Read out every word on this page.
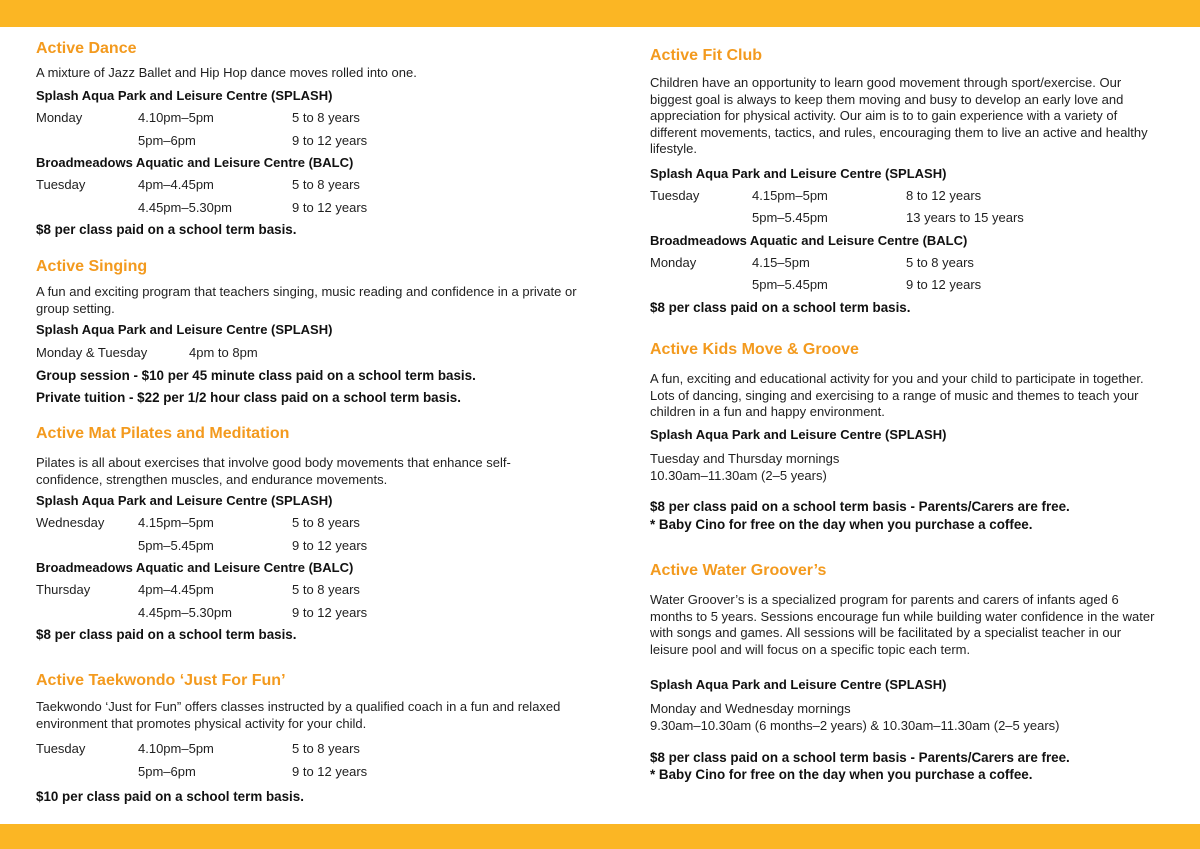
Active Dance
A mixture of Jazz Ballet and Hip Hop dance moves rolled into one.
Splash Aqua Park and Leisure Centre (SPLASH)
Monday	4.10pm–5pm	5 to 8 years
5pm–6pm	9 to 12 years
Broadmeadows Aquatic and Leisure Centre (BALC)
Tuesday	4pm–4.45pm	5 to 8 years
4.45pm–5.30pm	9 to 12 years
$8 per class paid on a school term basis.
Active Singing
A fun and exciting program that teachers singing, music reading and confidence in a private or group setting.
Splash Aqua Park and Leisure Centre (SPLASH)
Monday & Tuesday	4pm to 8pm
Group session - $10 per 45 minute class paid on a school term basis.
Private tuition - $22 per 1/2 hour class paid on a school term basis.
Active Mat Pilates and Meditation
Pilates is all about exercises that involve good body movements that enhance self-confidence, strengthen muscles, and endurance movements.
Splash Aqua Park and Leisure Centre (SPLASH)
Wednesday	4.15pm–5pm	5 to 8 years
5pm–5.45pm	9 to 12 years
Broadmeadows Aquatic and Leisure Centre (BALC)
Thursday	4pm–4.45pm	5 to 8 years
4.45pm–5.30pm	9 to 12 years
$8 per class paid on a school term basis.
Active Taekwondo ‘Just For Fun’
Taekwondo ‘Just for Fun” offers classes instructed by a qualified coach in a fun and relaxed environment that promotes physical activity for your child.
Tuesday	4.10pm–5pm	5 to 8 years
5pm–6pm	9 to 12 years
$10 per class paid on a school term basis.
Active Fit Club
Children have an opportunity to learn good movement through sport/exercise. Our biggest goal is always to keep them moving and busy to develop an early love and appreciation for physical activity. Our aim is to to gain experience with a variety of different movements, tactics, and rules, encouraging them to live an active and healthy lifestyle.
Splash Aqua Park and Leisure Centre (SPLASH)
Tuesday	4.15pm–5pm	8 to 12 years
5pm–5.45pm	13 years to 15 years
Broadmeadows Aquatic and Leisure Centre (BALC)
Monday	4.15–5pm	5 to 8 years
5pm–5.45pm	9 to 12 years
$8 per class paid on a school term basis.
Active Kids Move & Groove
A fun, exciting and educational activity for you and your child to participate in together. Lots of dancing, singing and exercising to a range of music and themes to teach your children in a fun and happy environment.
Splash Aqua Park and Leisure Centre (SPLASH)
Tuesday and Thursday mornings
10.30am–11.30am (2–5 years)
$8 per class paid on a school term basis - Parents/Carers are free.
* Baby Cino for free on the day when you purchase a coffee.
Active Water Groover’s
Water Groover’s is a specialized program for parents and carers of infants aged 6 months to 5 years. Sessions encourage fun while building water confidence in the water with songs and games. All sessions will be facilitated by a specialist teacher in our leisure pool and will focus on a specific topic each term.
Splash Aqua Park and Leisure Centre (SPLASH)
Monday and Wednesday mornings
9.30am–10.30am (6 months–2 years) & 10.30am–11.30am (2–5 years)
$8 per class paid on a school term basis - Parents/Carers are free.
* Baby Cino for free on the day when you purchase a coffee.
